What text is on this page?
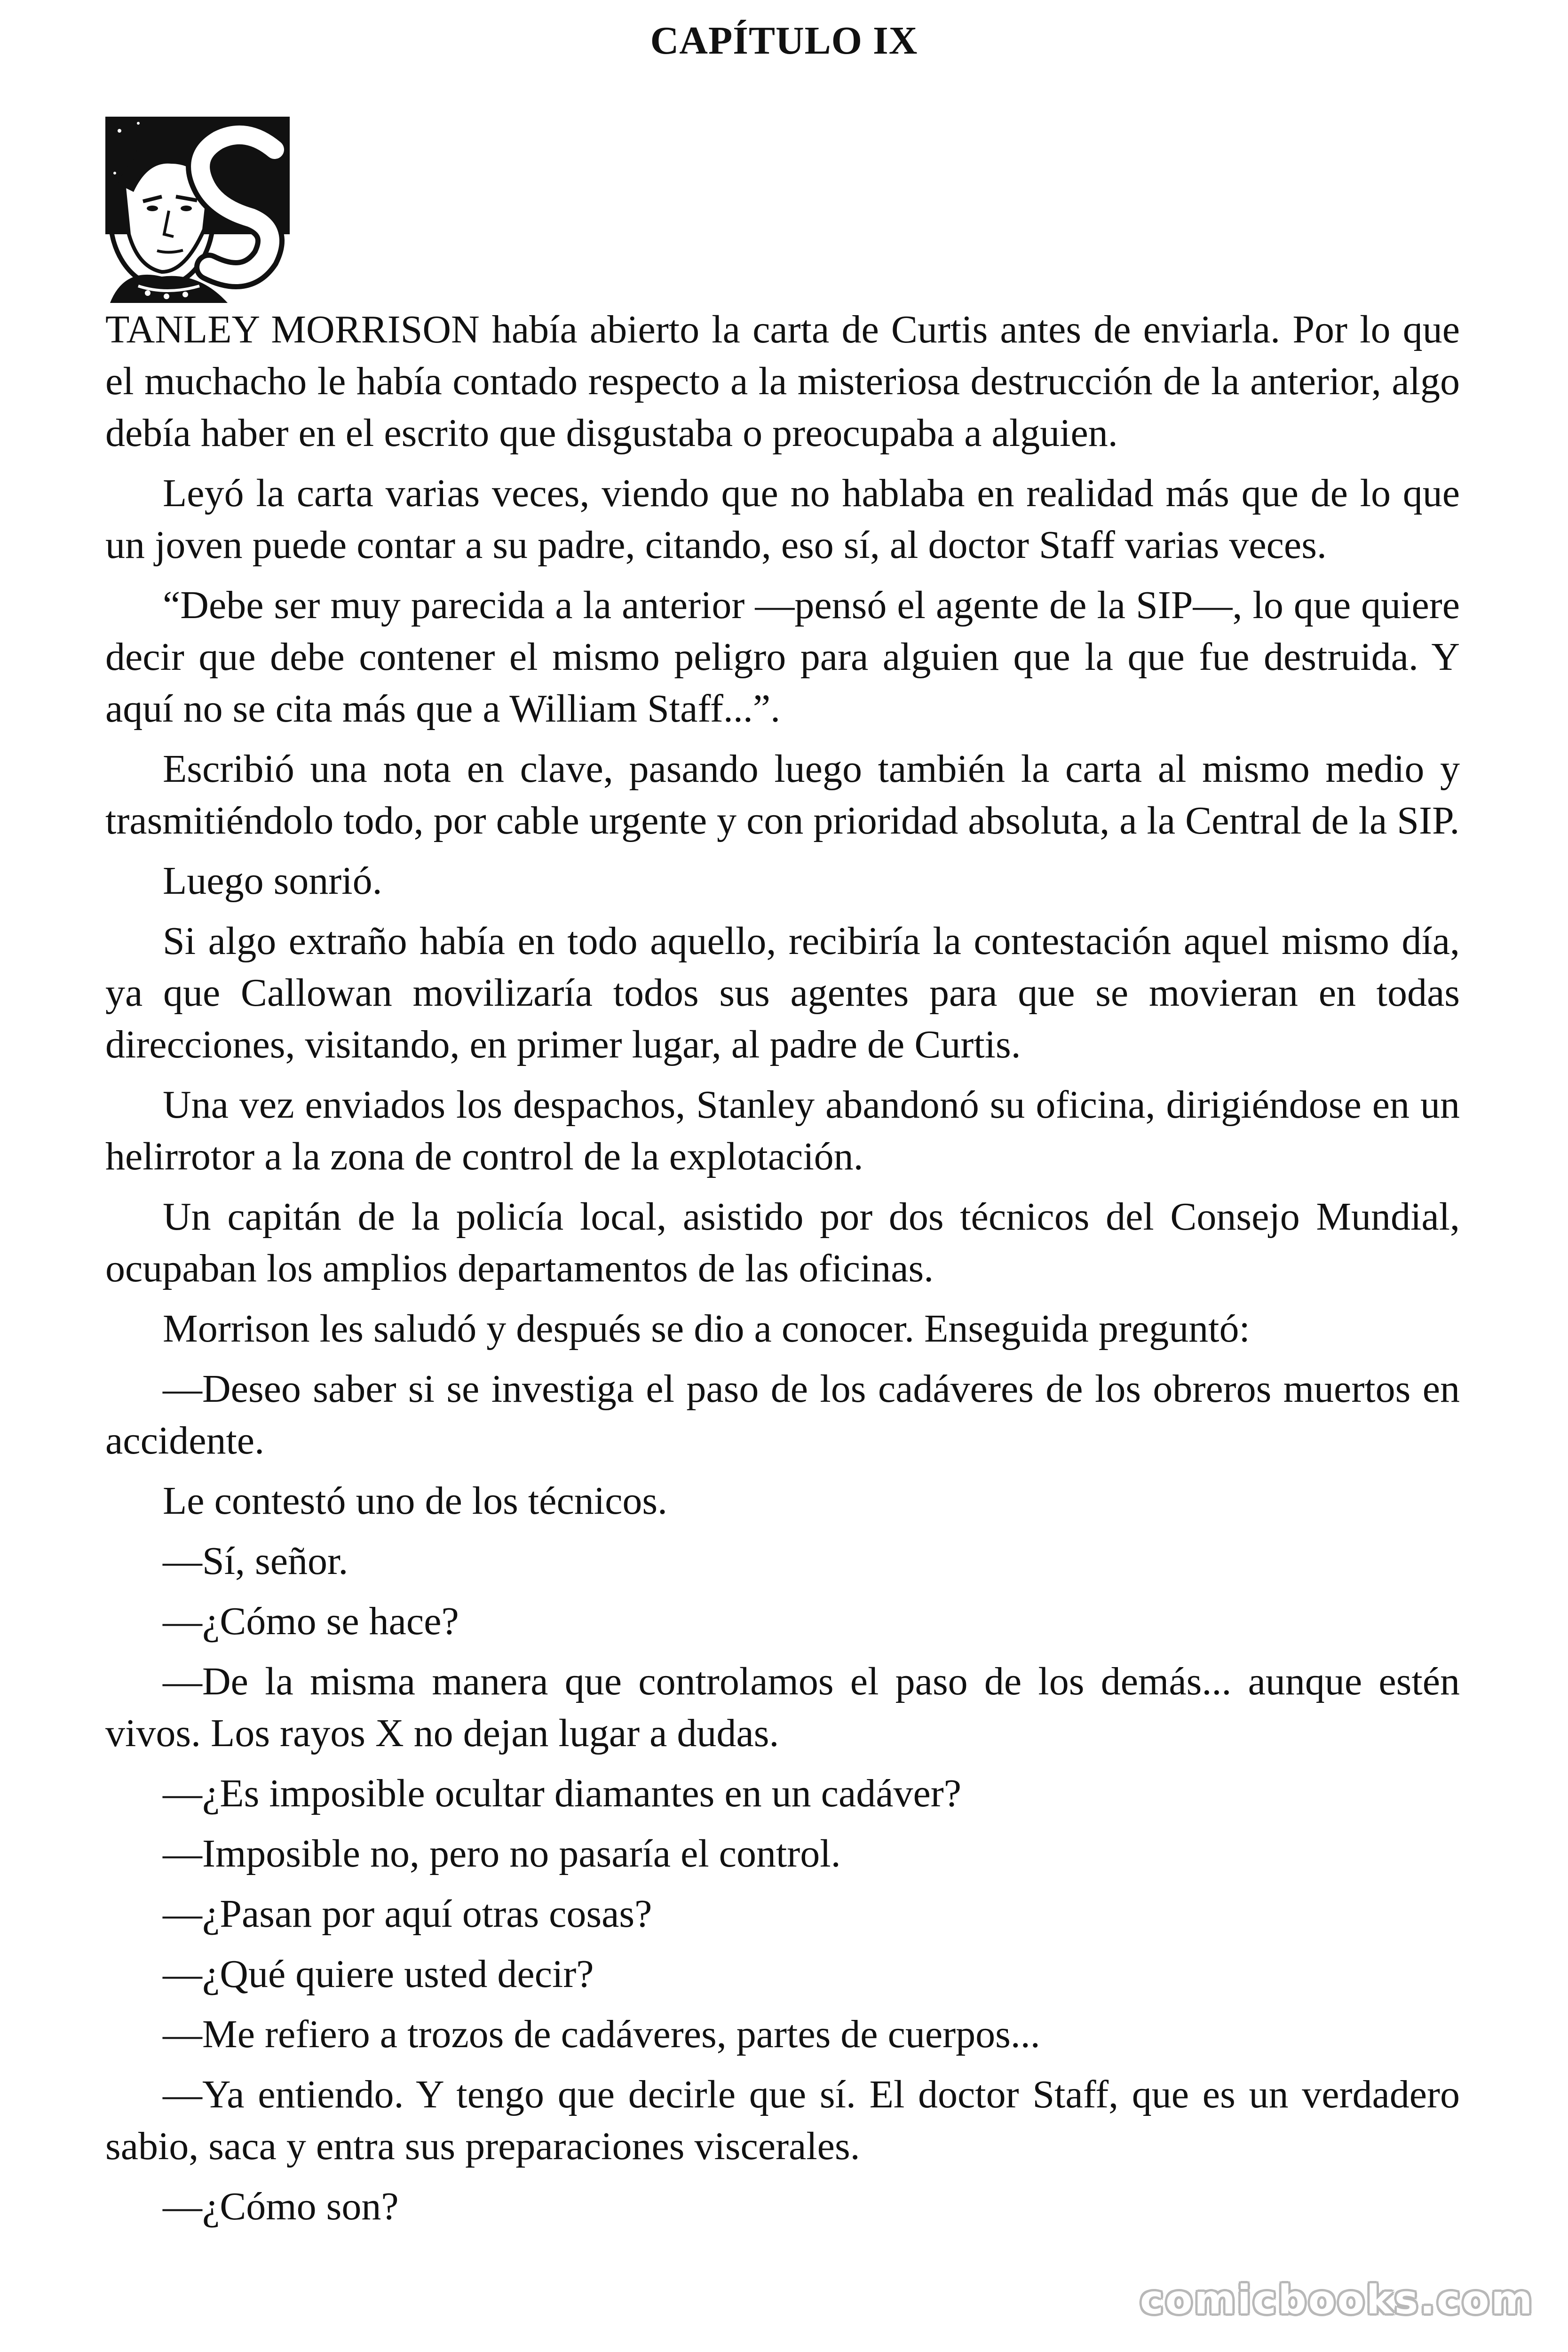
CAPÍTULO IX

TANLEY MORRISON había abierto la carta de Curtis antes de enviarla. Por lo que el muchacho le había contado respecto a la misteriosa destrucción de la anterior, algo debía haber en el escrito que disgustaba o preocupaba a alguien.

Leyó la carta varias veces, viendo que no hablaba en realidad más que de lo que un joven puede contar a su padre, citando, eso sí, al doctor Staff varias veces.

“Debe ser muy parecida a la anterior —pensó el agente de la SIP—, lo que quiere decir que debe contener el mismo peligro para alguien que la que fue destruida. Y aquí no se cita más que a William Staff...”.

Escribió una nota en clave, pasando luego también la carta al mismo medio y trasmitiéndolo todo, por cable urgente y con prioridad absoluta, a la Central de la SIP.

Luego sonrió.

Si algo extraño había en todo aquello, recibiría la contestación aquel mismo día, ya que Callowan movilizaría todos sus agentes para que se movieran en todas direcciones, visitando, en primer lugar, al padre de Curtis.

Una vez enviados los despachos, Stanley abandonó su oficina, dirigiéndose en un helirrotor a la zona de control de la explotación.

Un capitán de la policía local, asistido por dos técnicos del Consejo Mundial, ocupaban los amplios departamentos de las oficinas.

Morrison les saludó y después se dio a conocer. Enseguida preguntó:

—Deseo saber si se investiga el paso de los cadáveres de los obreros muertos en accidente.

Le contestó uno de los técnicos.

—Sí, señor.

—¿Cómo se hace?

—De la misma manera que controlamos el paso de los demás... aunque estén vivos. Los rayos X no dejan lugar a dudas.

—¿Es imposible ocultar diamantes en un cadáver?

—Imposible no, pero no pasaría el control.

—¿Pasan por aquí otras cosas?

—¿Qué quiere usted decir?

—Me refiero a trozos de cadáveres, partes de cuerpos...

—Ya entiendo. Y tengo que decirle que sí. El doctor Staff, que es un verdadero sabio, saca y entra sus preparaciones viscerales.

—¿Cómo son?

comicbooks.com
